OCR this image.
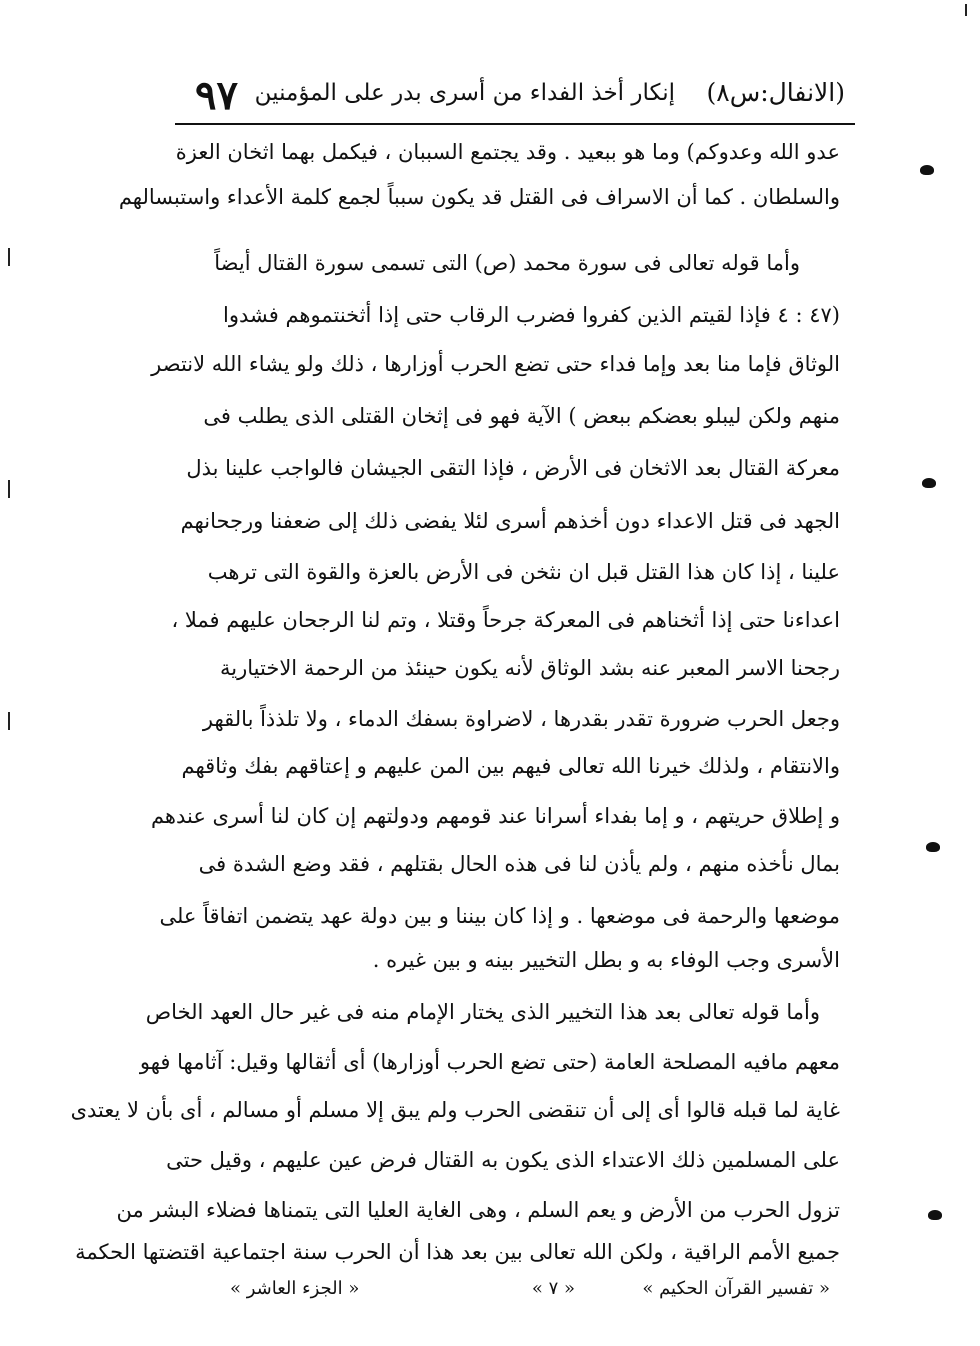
(الانفال:س٨)
إنكار أخذ الفداء من أسرى بدر على المؤمنين
٩٧
عدو الله وعدوكم) وما هو ببعيد . وقد يجتمع السببان ، فيكمل بهما اثخان العزة
والسلطان . كما أن الاسراف فى القتل قد يكون سبباً لجمع كلمة الأعداء واستبسالهم
وأما قوله تعالى فى سورة محمد (ص) التى تسمى سورة القتال أيضاً
(٤٧ : ٤ فإذا لقيتم الذين كفروا فضرب الرقاب حتى إذا أثخنتموهم فشدوا
الوثاق فإما منا بعد وإما فداء حتى تضع الحرب أوزارها ، ذلك ولو يشاء الله لانتصر
منهم ولكن ليبلو بعضكم ببعض ) الآية فهو فى إثخان القتلى الذى يطلب فى
معركة القتال بعد الاثخان فى الأرض ، فإذا التقى الجيشان فالواجب علينا بذل
الجهد فى قتل الاعداء دون أخذهم أسرى لئلا يفضى ذلك إلى ضعفنا ورجحانهم
علينا ، إذا كان هذا القتل قبل ان نثخن فى الأرض بالعزة والقوة التى ترهب
اعداءنا حتى إذا أثخناهم فى المعركة جرحاً وقتلا ، وتم لنا الرجحان عليهم فملا ،
رجحنا الاسر المعبر عنه بشد الوثاق لأنه يكون حينئذ من الرحمة الاختيارية
وجعل الحرب ضرورة تقدر بقدرها ، لاضراوة بسفك الدماء ، ولا تلذذاً بالقهر
والانتقام ، ولذلك خيرنا الله تعالى فيهم بين المن عليهم و إعتاقهم بفك وثاقهم
و إطلاق حريتهم ، و إما بفداء أسرانا عند قومهم ودولتهم إن كان لنا أسرى عندهم
بمال نأخذه منهم ، ولم يأذن لنا فى هذه الحال بقتلهم ، فقد وضع الشدة فى
موضعها والرحمة فى موضعها . و إذا كان بيننا و بين دولة عهد يتضمن اتفاقاً على
الأسرى وجب الوفاء به و بطل التخيير بينه و بين غيره .
وأما قوله تعالى بعد هذا التخيير الذى يختار الإمام منه فى غير حال العهد الخاص
معهم مافيه المصلحة العامة (حتى تضع الحرب أوزارها) أى أثقالها وقيل: آثامها فهو
غاية لما قبله قالوا أى إلى أن تنقضى الحرب ولم يبق إلا مسلم أو مسالم ، أى بأن لا يعتدى
على المسلمين ذلك الاعتداء الذى يكون به القتال فرض عين عليهم ، وقيل حتى
تزول الحرب من الأرض و يعم السلم ، وهى الغاية العليا التى يتمناها فضلاء البشر من
جميع الأمم الراقية ، ولكن الله تعالى بين بعد هذا أن الحرب سنة اجتماعية اقتضتها الحكمة
« تفسير القرآن الحكيم »
« ٧ »
« الجزء العاشر »
